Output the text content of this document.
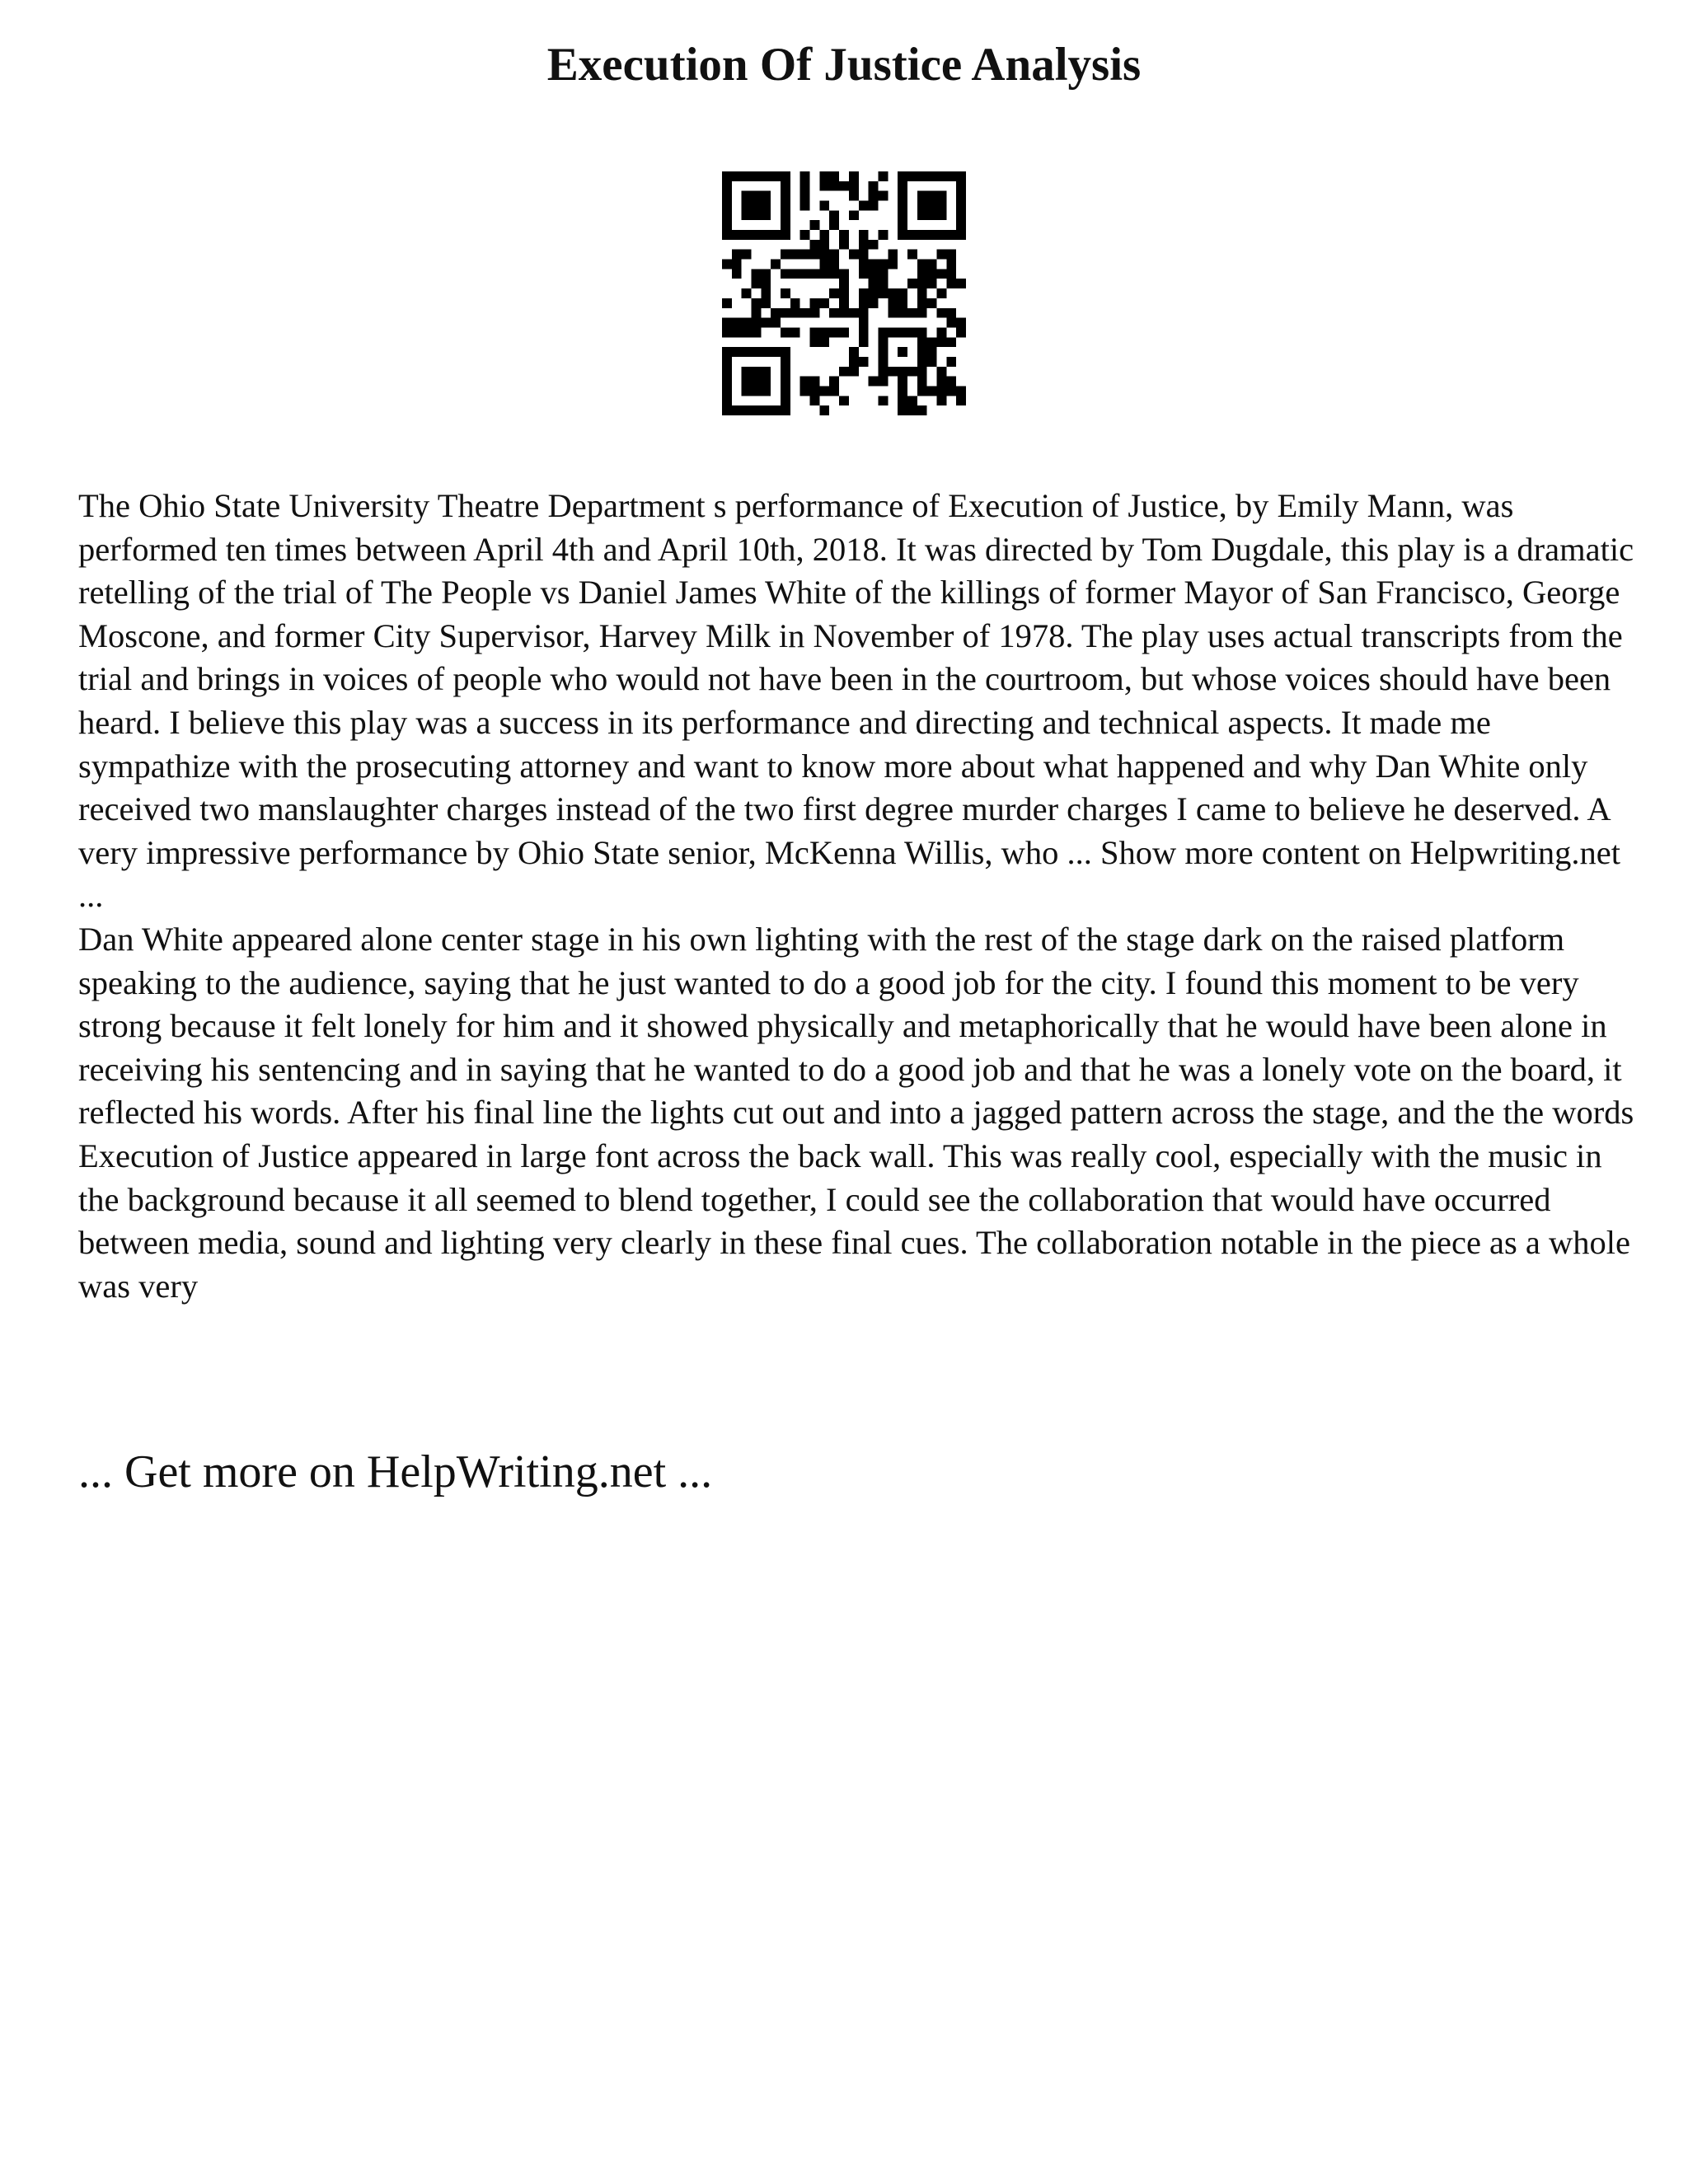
Execution Of Justice Analysis

The Ohio State University Theatre Department s performance of Execution of Justice, by Emily Mann, was performed ten times between April 4th and April 10th, 2018. It was directed by Tom Dugdale, this play is a dramatic retelling of the trial of The People vs Daniel James White of the killings of former Mayor of San Francisco, George Moscone, and former City Supervisor, Harvey Milk in November of 1978. The play uses actual transcripts from the trial and brings in voices of people who would not have been in the courtroom, but whose voices should have been heard. I believe this play was a success in its performance and directing and technical aspects. It made me sympathize with the prosecuting attorney and want to know more about what happened and why Dan White only received two manslaughter charges instead of the two first degree murder charges I came to believe he deserved. A very impressive performance by Ohio State senior, McKenna Willis, who ... Show more content on Helpwriting.net ...

Dan White appeared alone center stage in his own lighting with the rest of the stage dark on the raised platform speaking to the audience, saying that he just wanted to do a good job for the city. I found this moment to be very strong because it felt lonely for him and it showed physically and metaphorically that he would have been alone in receiving his sentencing and in saying that he wanted to do a good job and that he was a lonely vote on the board, it reflected his words. After his final line the lights cut out and into a jagged pattern across the stage, and the the words Execution of Justice appeared in large font across the back wall. This was really cool, especially with the music in the background because it all seemed to blend together, I could see the collaboration that would have occurred between media, sound and lighting very clearly in these final cues. The collaboration notable in the piece as a whole was very

... Get more on HelpWriting.net ...
